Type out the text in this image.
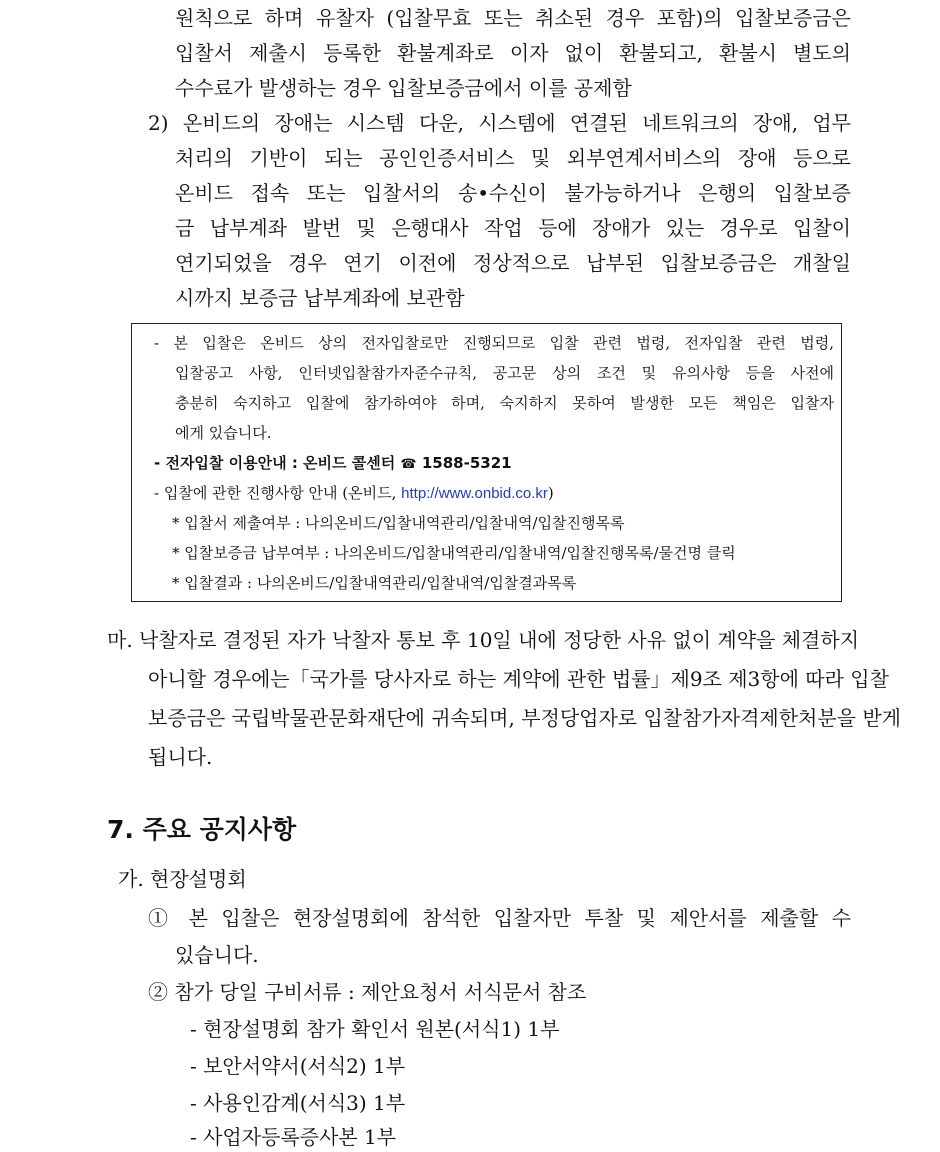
원칙으로 하며 유찰자 (입찰무효 또는 취소된 경우 포함)의 입찰보증금은
입찰서 제출시 등록한 환불계좌로 이자 없이 환불되고, 환불시 별도의
수수료가 발생하는 경우 입찰보증금에서 이를 공제함
2) 온비드의 장애는 시스템 다운, 시스템에 연결된 네트워크의 장애, 업무
처리의 기반이 되는 공인인증서비스 및 외부연계서비스의 장애 등으로
온비드 접속 또는 입찰서의 송•수신이 불가능하거나 은행의 입찰보증
금 납부계좌 발번 및 은행대사 작업 등에 장애가 있는 경우로 입찰이
연기되었을 경우 연기 이전에 정상적으로 납부된 입찰보증금은 개찰일
시까지 보증금 납부계좌에 보관함
- 본 입찰은 온비드 상의 전자입찰로만 진행되므로 입찰 관련 법령, 전자입찰 관련 법령,
입찰공고 사항, 인터넷입찰참가자준수규칙, 공고문 상의 조건 및 유의사항 등을 사전에
충분히 숙지하고 입찰에 참가하여야 하며, 숙지하지 못하여 발생한 모든 책임은 입찰자
에게 있습니다.
- 전자입찰 이용안내 : 온비드 콜센터 ☎ 1588-5321
- 입찰에 관한 진행사항 안내 (온비드, http://www.onbid.co.kr)
* 입찰서 제출여부 : 나의온비드/입찰내역관리/입찰내역/입찰진행목록
* 입찰보증금 납부여부 : 나의온비드/입찰내역관리/입찰내역/입찰진행목록/물건명 클릭
* 입찰결과 : 나의온비드/입찰내역관리/입찰내역/입찰결과목록
마. 낙찰자로 결정된 자가 낙찰자 통보 후 10일 내에 정당한 사유 없이 계약을 체결하지
아니할 경우에는「국가를 당사자로 하는 계약에 관한 법률」제9조 제3항에 따라 입찰
보증금은 국립박물관문화재단에 귀속되며, 부정당업자로 입찰참가자격제한처분을 받게
됩니다.
7. 주요 공지사항
가. 현장설명회
① 본 입찰은 현장설명회에 참석한 입찰자만 투찰 및 제안서를 제출할 수
있습니다.
② 참가 당일 구비서류 : 제안요청서 서식문서 참조
- 현장설명회 참가 확인서 원본(서식1) 1부
- 보안서약서(서식2) 1부
- 사용인감계(서식3) 1부
- 사업자등록증사본 1부
